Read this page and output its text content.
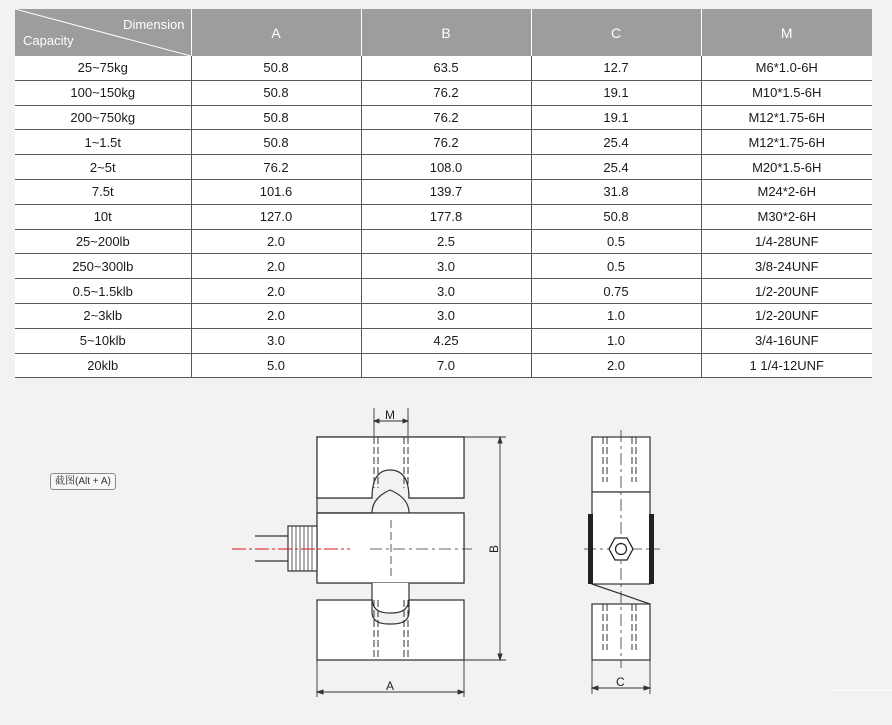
Dimension
Capacity	A	B	C	M
25~75kg	50.8	63.5	12.7	M6*1.0-6H
100~150kg	50.8	76.2	19.1	M10*1.5-6H
200~750kg	50.8	76.2	19.1	M12*1.75-6H
1~1.5t	50.8	76.2	25.4	M12*1.75-6H
2~5t	76.2	108.0	25.4	M20*1.5-6H
7.5t	101.6	139.7	31.8	M24*2-6H
10t	127.0	177.8	50.8	M30*2-6H
25~200lb	2.0	2.5	0.5	1/4-28UNF
250~300lb	2.0	3.0	0.5	3/8-24UNF
0.5~1.5klb	2.0	3.0	0.75	1/2-20UNF
2~3klb	2.0	3.0	1.0	1/2-20UNF
5~10klb	3.0	4.25	1.0	3/4-16UNF
20klb	5.0	7.0	2.0	1 1/4-12UNF
截图(Alt + A)
M
A
B
C
